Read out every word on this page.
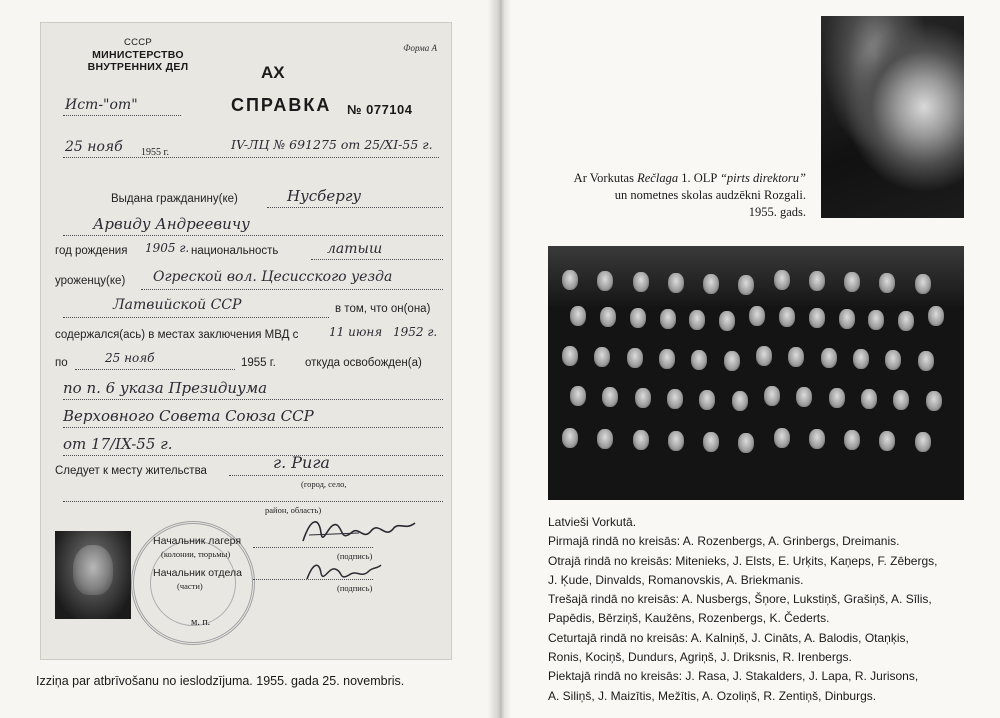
СССР
МИНИСТЕРСТВО
ВНУТРЕННИХ ДЕЛ
Форма А
АХ
СПРАВКА № 077104
Ист-"от"
25 нояб 1955 г.
IV-ЛЦ № 691275 от 25/XI-55 г.
Выдана гражданину(ке)	Нусбергу
Арвиду Андреевичу
год рождения 1905 г. национальность	латыш
уроженцу(ке) Огреской вол. Цесисского уезда
Латвийской ССР	в том, что он(она)
содержался(ась) в местах заключения МВД с	11 июня 1952 г.
по	25 нояб	1955 г.	откуда освобожден(а)
по п. 6 указа Президиума
Верховного Совета Союза ССР
от 17/IX-55 г.
Следует к месту жительства	г. Рига
(город, село,
район, область)
Начальник лагеря
(колонии, тюрьмы)	(подпись)
Начальник отдела
(части)	(подпись)
м. п.
Izziņa par atbrīvošanu no ieslodzījuma. 1955. gada 25. novembris.
Ar Vorkutas Rečlaga 1. OLP “pirts direktoru”
un nometnes skolas audzēkni Rozgali.
1955. gads.
Latvieši Vorkutā.
Pirmajā rindā no kreisās: A. Rozenbergs, A. Grinbergs, Dreimanis.
Otrajā rindā no kreisās: Mitenieks, J. Elsts, E. Urķits, Kaņeps, F. Zēbergs,
J. Ķude, Dinvalds, Romanovskis, A. Briekmanis.
Trešajā rindā no kreisās: A. Nusbergs, Šņore, Lukstiņš, Grašiņš, A. Sīlis,
Papēdis, Bērziņš, Kaužēns, Rozenbergs, K. Čederts.
Ceturtajā rindā no kreisās: A. Kalniņš, J. Cināts, A. Balodis, Otaņķis,
Ronis, Kociņš, Dunduгs, Agriņš, J. Driksnis, R. Irenbergs.
Piektajā rindā no kreisās: J. Rasa, J. Stakalders, J. Lapa, R. Jurisons,
A. Siliņš, J. Maizītis, Mežītis, A. Ozoliņš, R. Zentiņš, Dinburgs.
